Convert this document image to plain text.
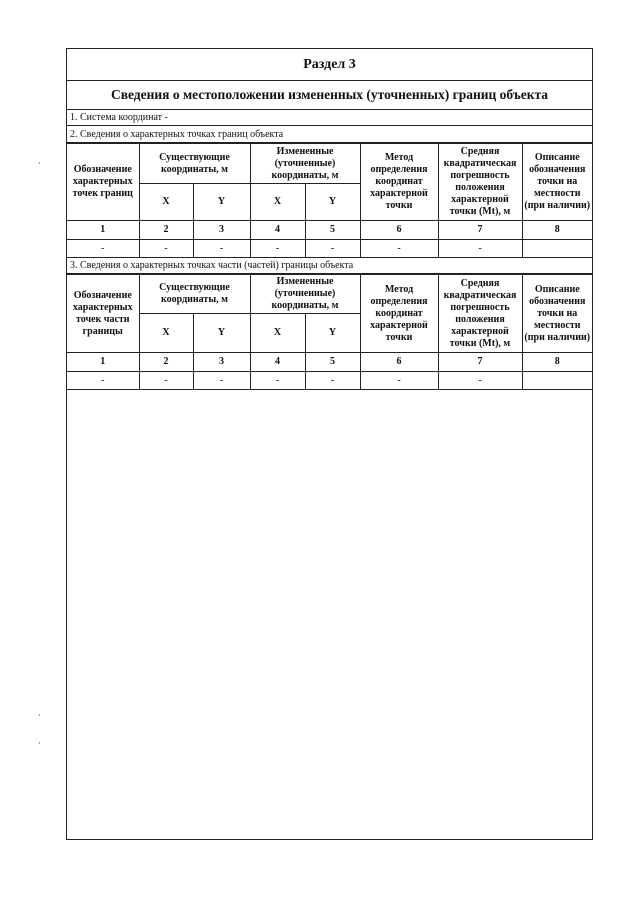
Раздел 3
Сведения о местоположении измененных (уточненных) границ объекта
1. Система координат -
2. Сведения о характерных точках границ объекта
Обозначение характерных точек границ	Существующие координаты, м		Измененные (уточненные) координаты, м		Метод определения координат характерной точки	Средняя квадратическая погрешность положения характерной точки (Mt), м	Описание обозначения точки на местности (при наличии)
	X	Y	X	Y			
1	2	3	4	5	6	7	8
-	-	-	-	-	-	-	
3. Сведения о характерных точках части (частей) границы объекта
Обозначение характерных точек части границы	Существующие координаты, м		Измененные (уточненные) координаты, м		Метод определения координат характерной точки	Средняя квадратическая погрешность положения характерной точки (Mt), м	Описание обозначения точки на местности (при наличии)
	X	Y	X	Y			
1	2	3	4	5	6	7	8
-	-	-	-	-	-	-	
·
·
·
